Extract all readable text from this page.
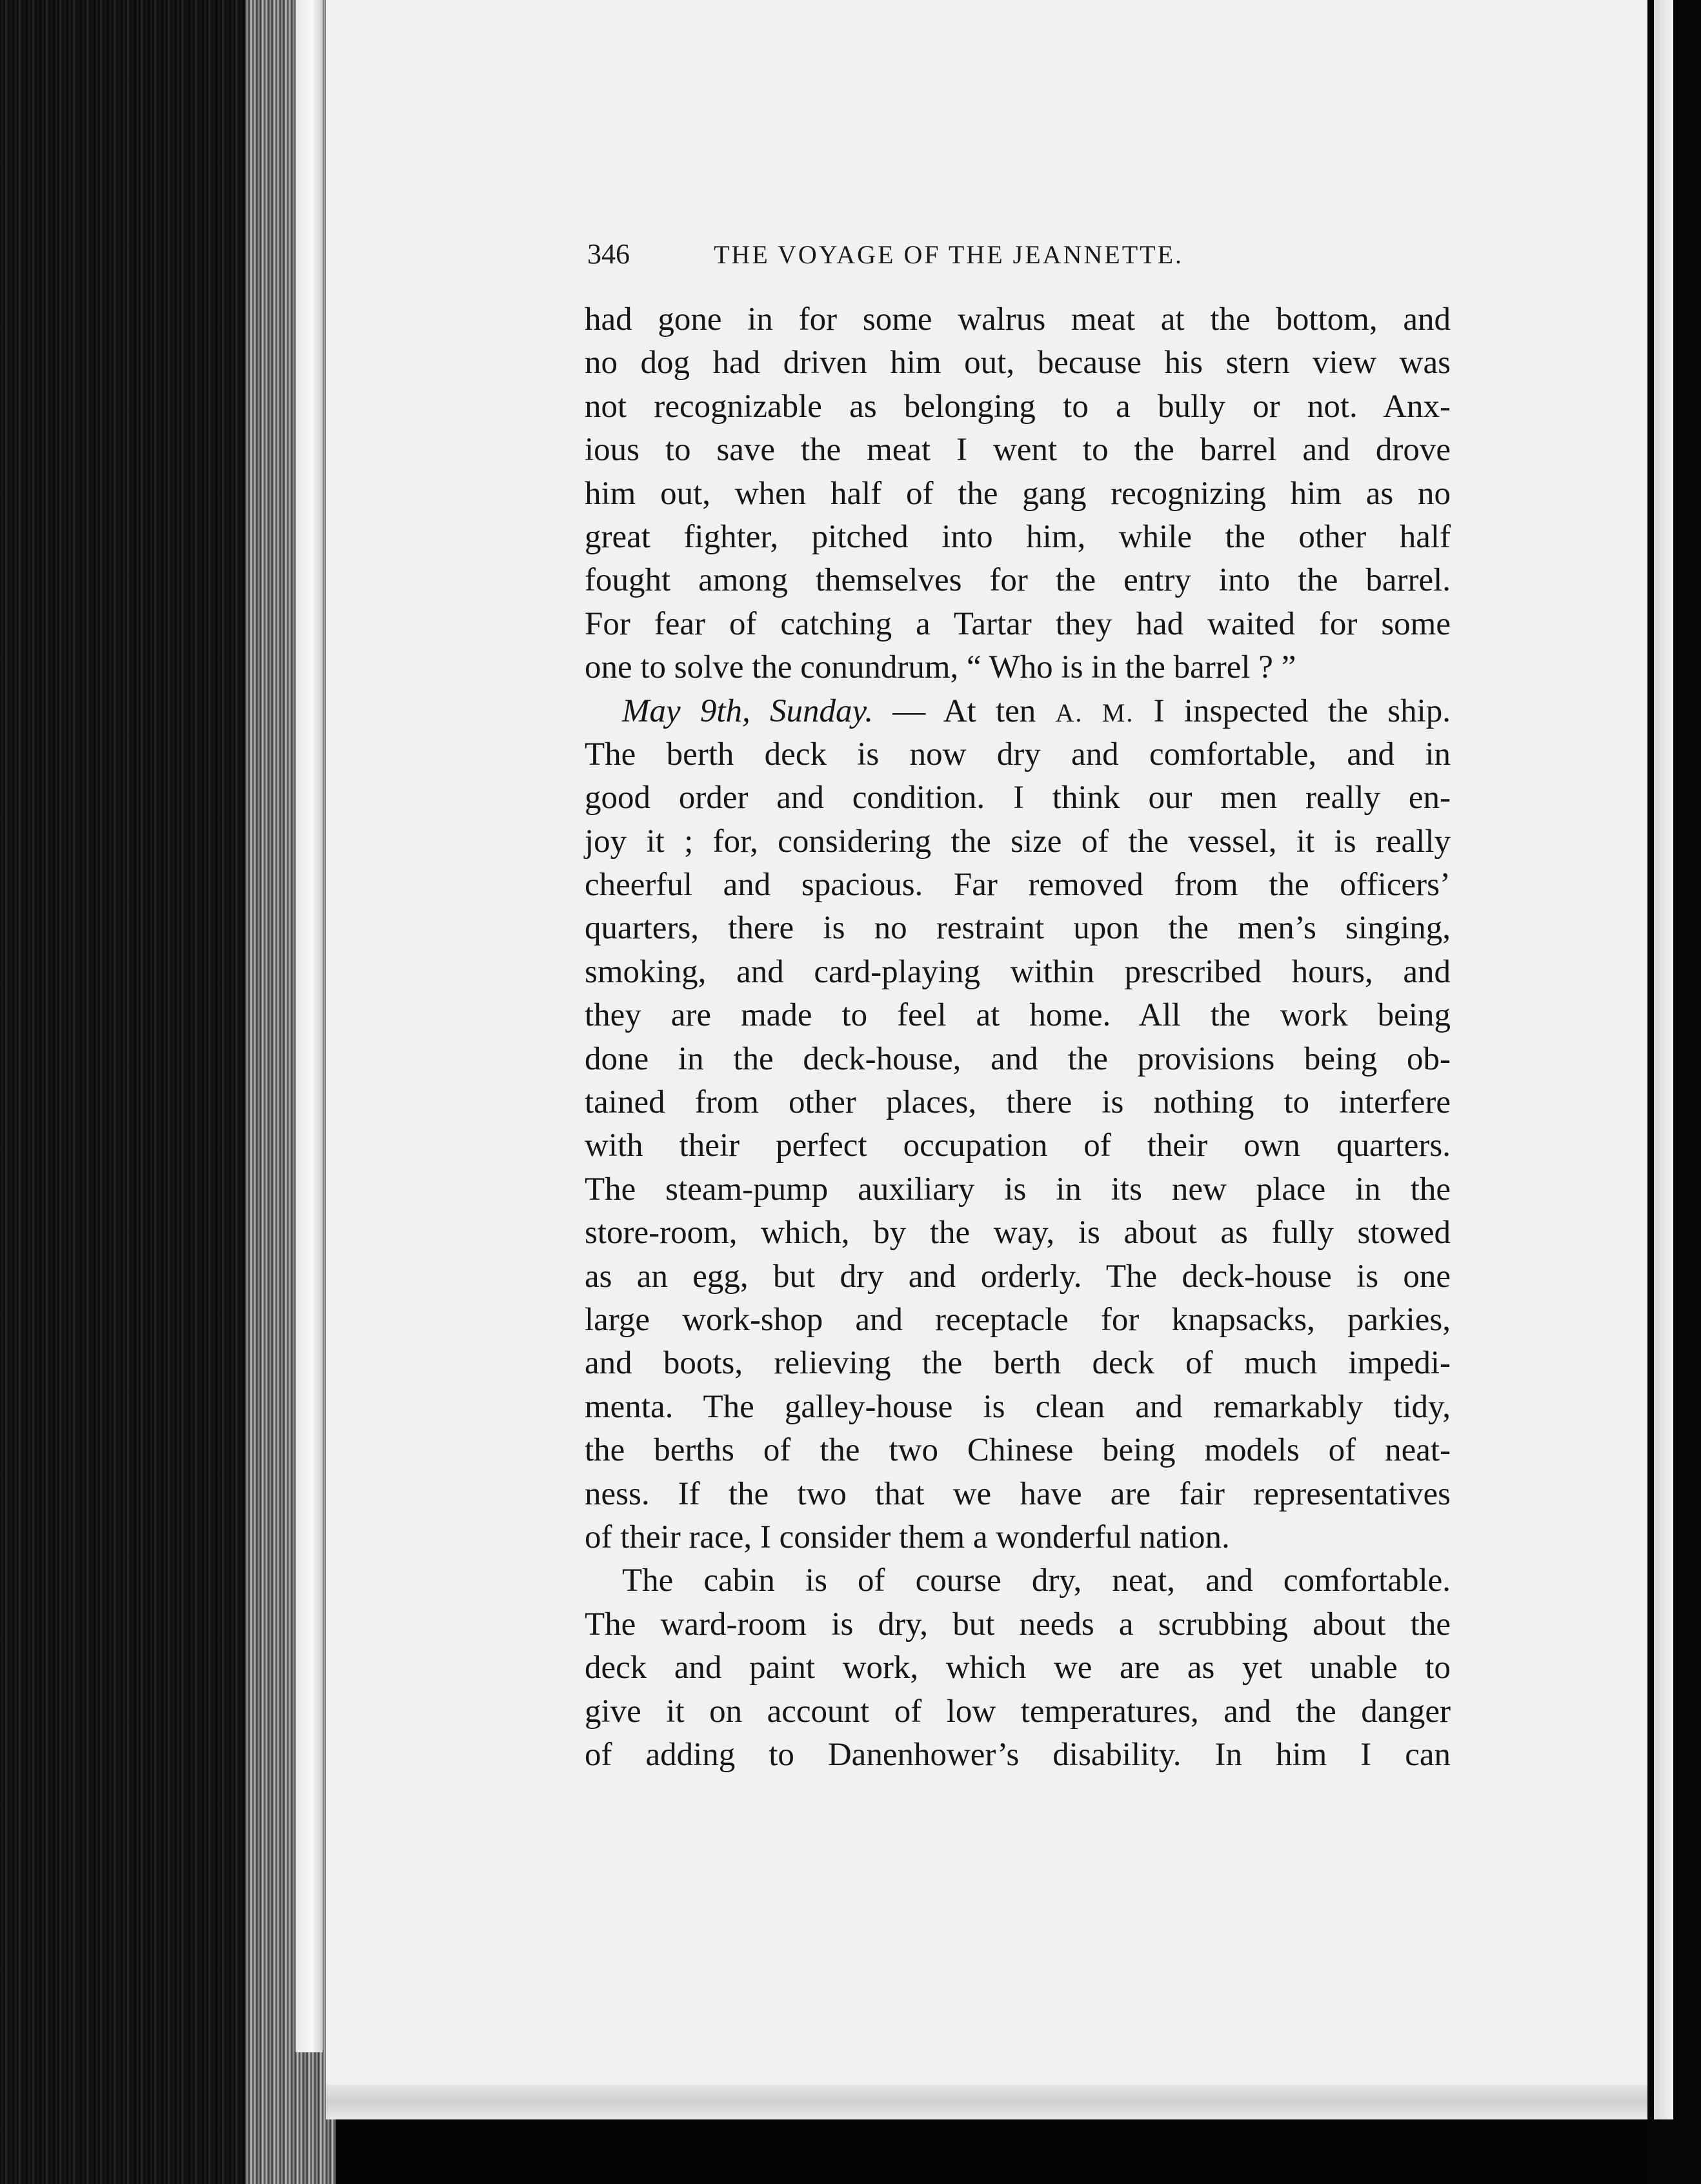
346	THE VOYAGE OF THE JEANNETTE.
had gone in for some walrus meat at the bottom, and
no dog had driven him out, because his stern view was
not recognizable as belonging to a bully or not. Anx-
ious to save the meat I went to the barrel and drove
him out, when half of the gang recognizing him as no
great fighter, pitched into him, while the other half
fought among themselves for the entry into the barrel.
For fear of catching a Tartar they had waited for some
one to solve the conundrum, “ Who is in the barrel ? ”
May 9th, Sunday. — At ten A. M. I inspected the ship.
The berth deck is now dry and comfortable, and in
good order and condition. I think our men really en-
joy it ; for, considering the size of the vessel, it is really
cheerful and spacious. Far removed from the officers’
quarters, there is no restraint upon the men’s singing,
smoking, and card-playing within prescribed hours, and
they are made to feel at home. All the work being
done in the deck-house, and the provisions being ob-
tained from other places, there is nothing to interfere
with their perfect occupation of their own quarters.
The steam-pump auxiliary is in its new place in the
store-room, which, by the way, is about as fully stowed
as an egg, but dry and orderly. The deck-house is one
large work-shop and receptacle for knapsacks, parkies,
and boots, relieving the berth deck of much impedi-
menta. The galley-house is clean and remarkably tidy,
the berths of the two Chinese being models of neat-
ness. If the two that we have are fair representatives
of their race, I consider them a wonderful nation.
The cabin is of course dry, neat, and comfortable.
The ward-room is dry, but needs a scrubbing about the
deck and paint work, which we are as yet unable to
give it on account of low temperatures, and the danger
of adding to Danenhower’s disability. In him I can
